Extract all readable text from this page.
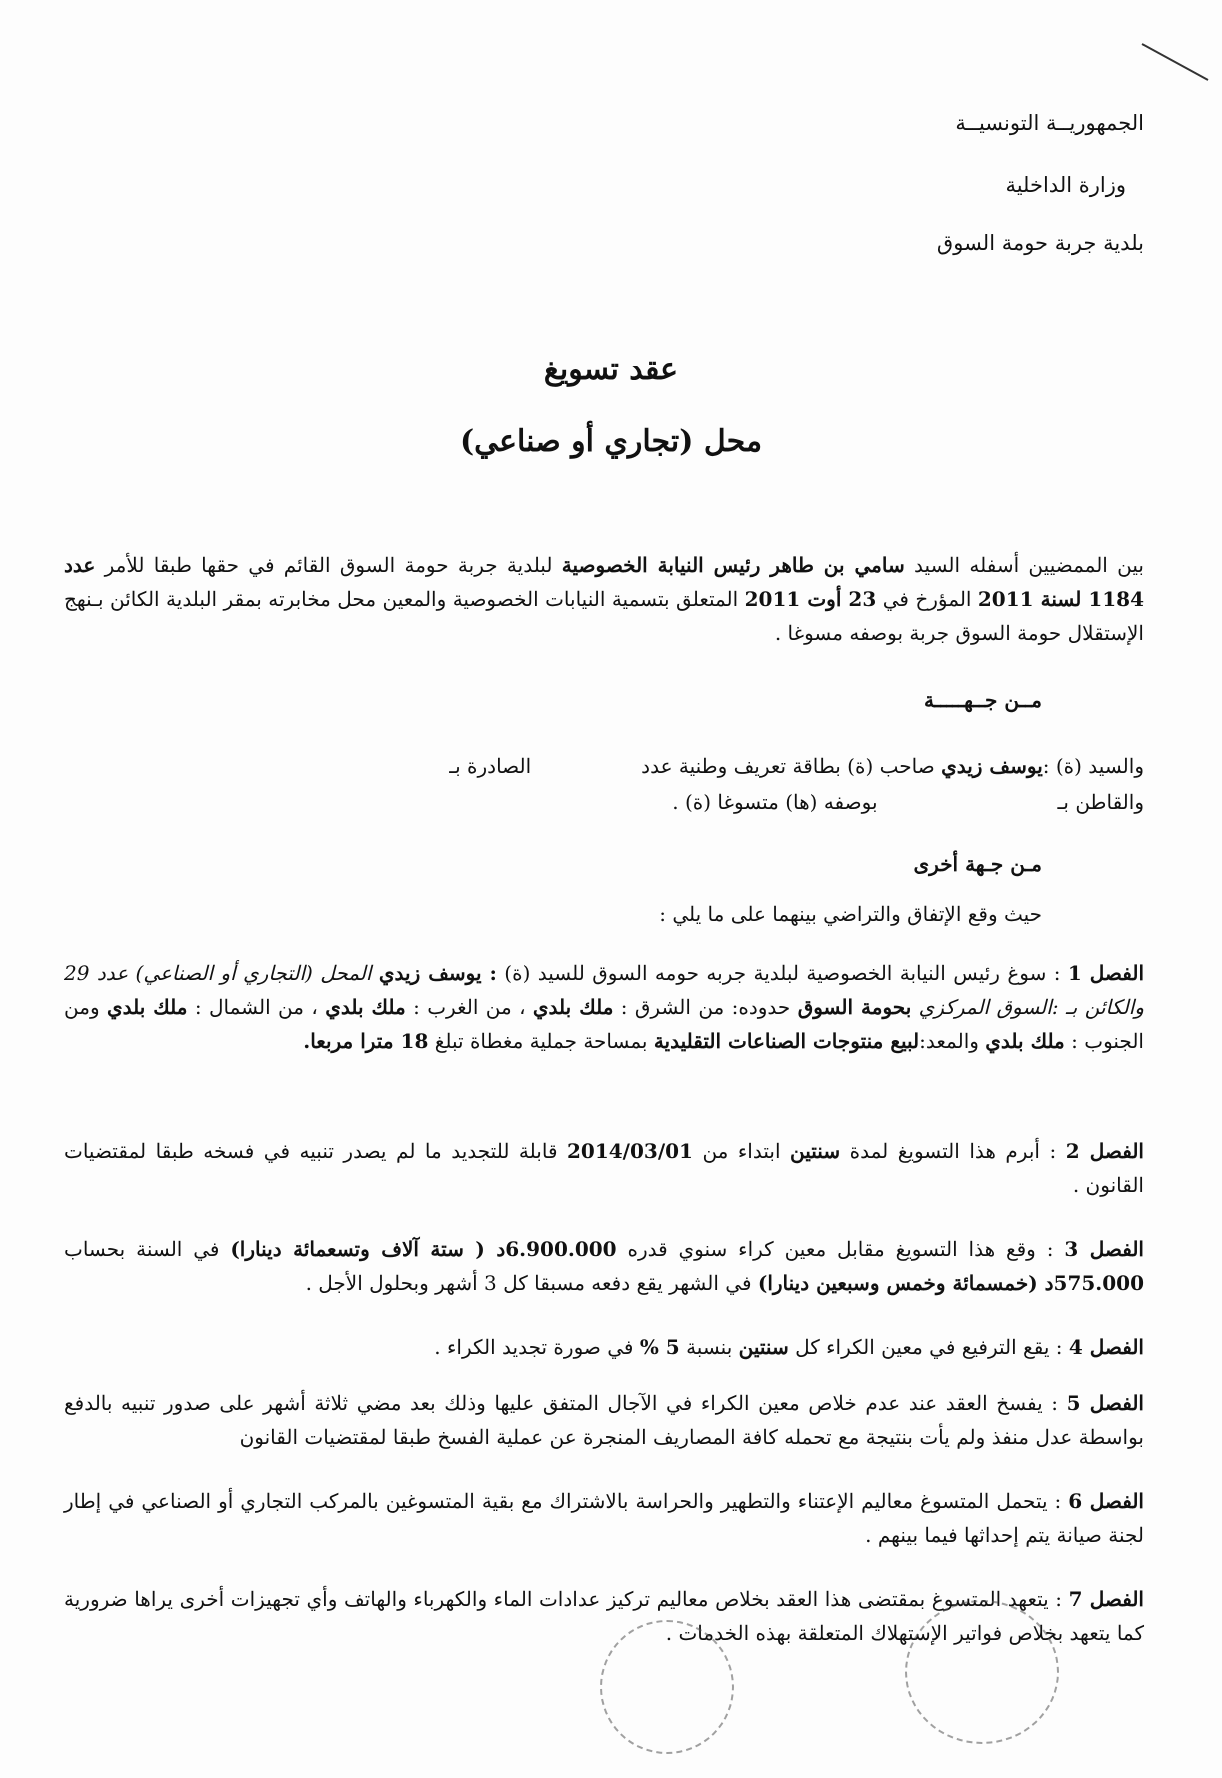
الجمهوريــة التونسيــة
وزارة الداخلية
بلدية جربة حومة السوق
عقد تسويغ
محل (تجاري أو صناعي)
بين الممضيين أسفله السيد سامي بن طاهر رئيس النيابة الخصوصية لبلدية جربة حومة السوق القائم في حقها طبقا للأمر عدد 1184 لسنة 2011 المؤرخ في 23 أوت 2011 المتعلق بتسمية النيابات الخصوصية والمعين محل مخابرته بمقر البلدية الكائن بـنهج الإستقلال حومة السوق جربة بوصفه مسوغا .
مــن جــهـــــة
والسيد (ة) :يوسف زيدي صاحب (ة) بطاقة تعريف وطنية عددالصادرة بـ
والقاطن بـبوصفه (ها) متسوغا (ة) .
مـن جـهة أخرى
حيث وقع الإتفاق والتراضي بينهما على ما يلي :
الفصل 1 : سوغ رئيس النيابة الخصوصية لبلدية جربه حومه السوق للسيد (ة) : يوسف زيدي المحل (التجاري أو الصناعي) عدد 29 والكائن بـ :السوق المركزي بحومة السوق حدوده: من الشرق : ملك بلدي ، من الغرب : ملك بلدي ، من الشمال : ملك بلدي ومن الجنوب : ملك بلدي والمعد:لبيع منتوجات الصناعات التقليدية بمساحة جملية مغطاة تبلغ 18 مترا مربعا.
الفصل 2 : أبرم هذا التسويغ لمدة سنتين ابتداء من 2014/03/01 قابلة للتجديد ما لم يصدر تنبيه في فسخه طبقا لمقتضيات القانون .
الفصل 3 : وقع هذا التسويغ مقابل معين كراء سنوي قدره 6.900.000د ( ستة آلاف وتسعمائة دينارا) في السنة بحساب 575.000د (خمسمائة وخمس وسبعين دينارا) في الشهر يقع دفعه مسبقا كل 3 أشهر وبحلول الأجل .
الفصل 4 : يقع الترفيع في معين الكراء كل سنتين بنسبة 5 % في صورة تجديد الكراء .
الفصل 5 : يفسخ العقد عند عدم خلاص معين الكراء في الآجال المتفق عليها وذلك بعد مضي ثلاثة أشهر على صدور تنبيه بالدفع بواسطة عدل منفذ ولم يأت بنتيجة مع تحمله كافة المصاريف المنجرة عن عملية الفسخ طبقا لمقتضيات القانون
الفصل 6 : يتحمل المتسوغ معاليم الإعتناء والتطهير والحراسة بالاشتراك مع بقية المتسوغين بالمركب التجاري أو الصناعي في إطار لجنة صيانة يتم إحداثها فيما بينهم .
الفصل 7 : يتعهد المتسوغ بمقتضى هذا العقد بخلاص معاليم تركيز عدادات الماء والكهرباء والهاتف وأي تجهيزات أخرى يراها ضرورية كما يتعهد بخلاص فواتير الإستهلاك المتعلقة بهذه الخدمات .
